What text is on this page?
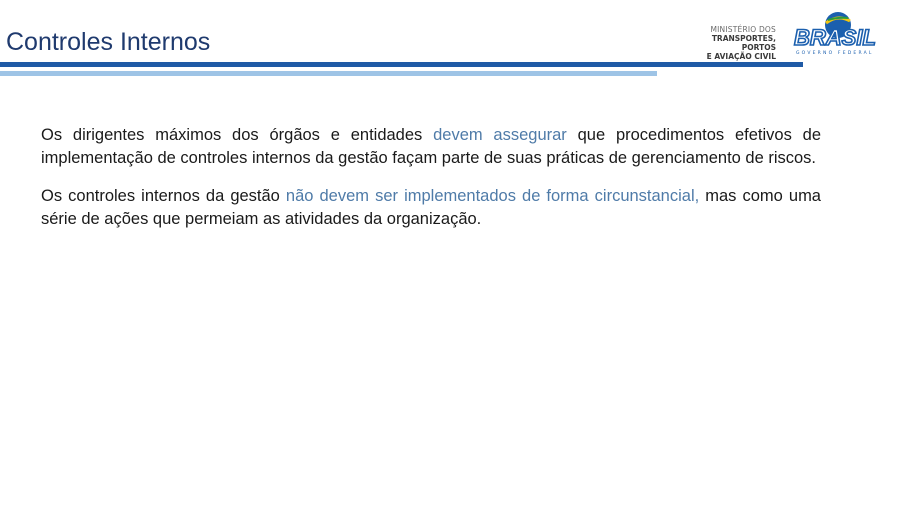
Controles Internos	MINISTÉRIO DOS
TRANSPORTES, PORTOS
E AVIAÇÃO CIVIL
BRASIL
GOVERNO FEDERAL

Os dirigentes máximos dos órgãos e entidades devem assegurar que procedimentos efetivos de implementação de controles internos da gestão façam parte de suas práticas de gerenciamento de riscos.

Os controles internos da gestão não devem ser implementados de forma circunstancial, mas como uma série de ações que permeiam as atividades da organização.
